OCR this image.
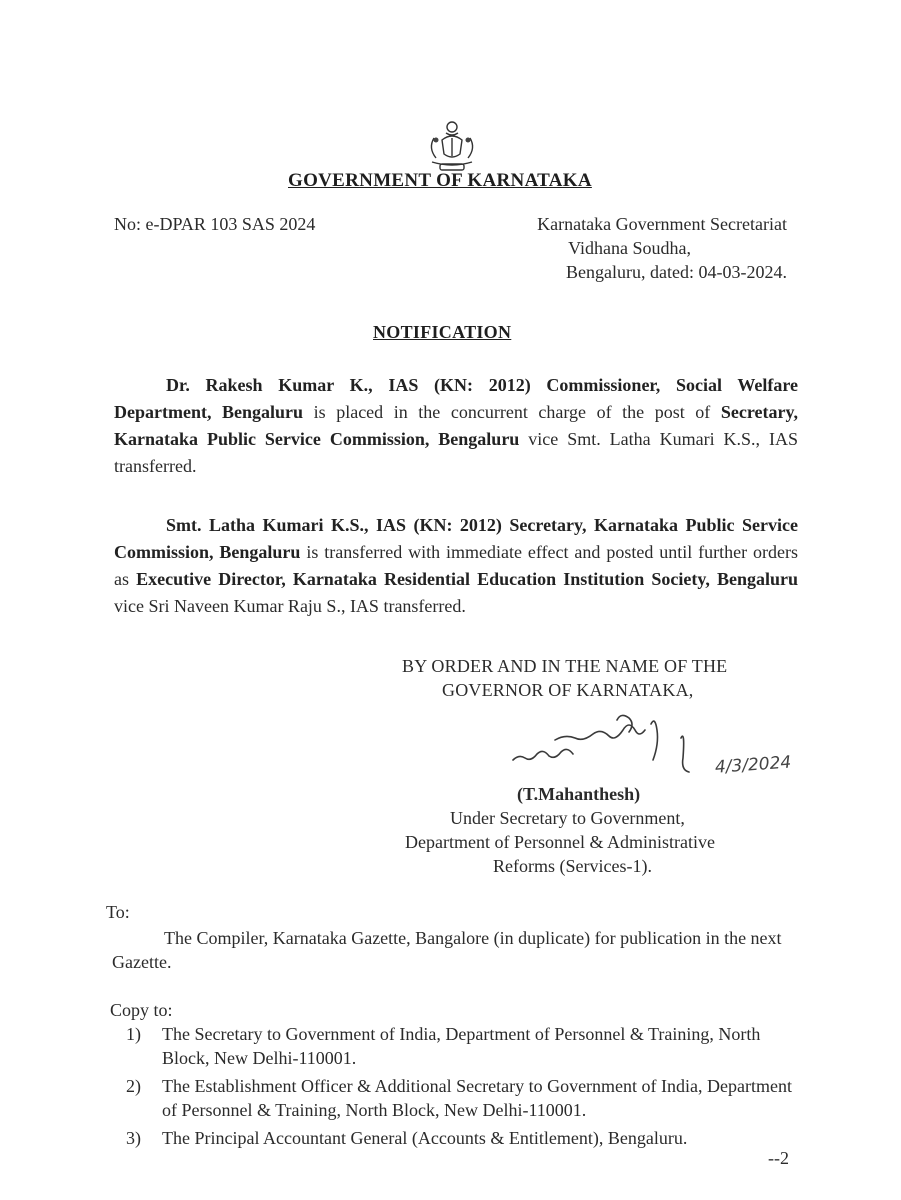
GOVERNMENT OF KARNATAKA
No: e-DPAR 103 SAS 2024	Karnataka Government Secretariat
Vidhana Soudha,
Bengaluru, dated: 04-03-2024.
NOTIFICATION
Dr. Rakesh Kumar K., IAS (KN: 2012) Commissioner, Social Welfare Department, Bengaluru is placed in the concurrent charge of the post of Secretary, Karnataka Public Service Commission, Bengaluru vice Smt. Latha Kumari K.S., IAS transferred.
Smt. Latha Kumari K.S., IAS (KN: 2012) Secretary, Karnataka Public Service Commission, Bengaluru is transferred with immediate effect and posted until further orders as Executive Director, Karnataka Residential Education Institution Society, Bengaluru vice Sri Naveen Kumar Raju S., IAS transferred.
BY ORDER AND IN THE NAME OF THE
GOVERNOR OF KARNATAKA,
4/3/2024
(T.Mahanthesh)
Under Secretary to Government,
Department of Personnel & Administrative
Reforms (Services-1).
To:
The Compiler, Karnataka Gazette, Bangalore (in duplicate) for publication in the next Gazette.
Copy to:
1) The Secretary to Government of India, Department of Personnel & Training, North Block, New Delhi-110001.
2) The Establishment Officer & Additional Secretary to Government of India, Department of Personnel & Training, North Block, New Delhi-110001.
3) The Principal Accountant General (Accounts & Entitlement), Bengaluru.
--2
